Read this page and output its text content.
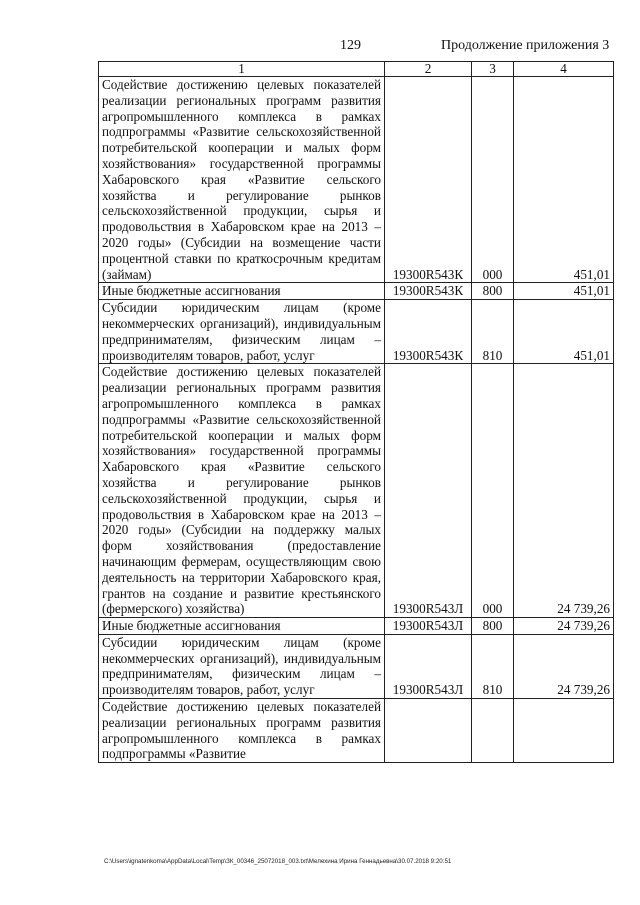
129	Продолжение приложения 3
1	2	3	4
Содействие достижению целевых показателей реализации региональных программ развития агропромышленного комплекса в рамках подпрограммы «Развитие сельскохозяйственной потребительской кооперации и малых форм хозяйствования» государственной программы Хабаровского края «Развитие сельского хозяйства и регулирование рынков сельскохозяйственной продукции, сырья и продовольствия в Хабаровском крае на 2013 – 2020 годы» (Субсидии на возмещение части процентной ставки по краткосрочным кредитам (займам)	19300R543К	000	451,01
Иные бюджетные ассигнования	19300R543К	800	451,01
Субсидии юридическим лицам (кроме некоммерческих организаций), индивидуальным предпринимателям, физическим лицам – производителям товаров, работ, услуг	19300R543К	810	451,01
Содействие достижению целевых показателей реализации региональных программ развития агропромышленного комплекса в рамках подпрограммы «Развитие сельскохозяйственной потребительской кооперации и малых форм хозяйствования» государственной программы Хабаровского края «Развитие сельского хозяйства и регулирование рынков сельскохозяйственной продукции, сырья и продовольствия в Хабаровском крае на 2013 – 2020 годы» (Субсидии на поддержку малых форм хозяйствования (предоставление начинающим фермерам, осуществляющим свою деятельность на территории Хабаровского края, грантов на создание и развитие крестьянского (фермерского) хозяйства)	19300R543Л	000	24 739,26
Иные бюджетные ассигнования	19300R543Л	800	24 739,26
Субсидии юридическим лицам (кроме некоммерческих организаций), индивидуальным предпринимателям, физическим лицам – производителям товаров, работ, услуг	19300R543Л	810	24 739,26
Содействие достижению целевых показателей реализации региональных программ развития агропромышленного комплекса в рамках подпрограммы «Развитие			
C:\Users\ignatenkoma\AppData\Local\Temp\ЗК_00346_25072018_003.txt\Мелехина Ирина Геннадьевна\30.07.2018 9:20:51
